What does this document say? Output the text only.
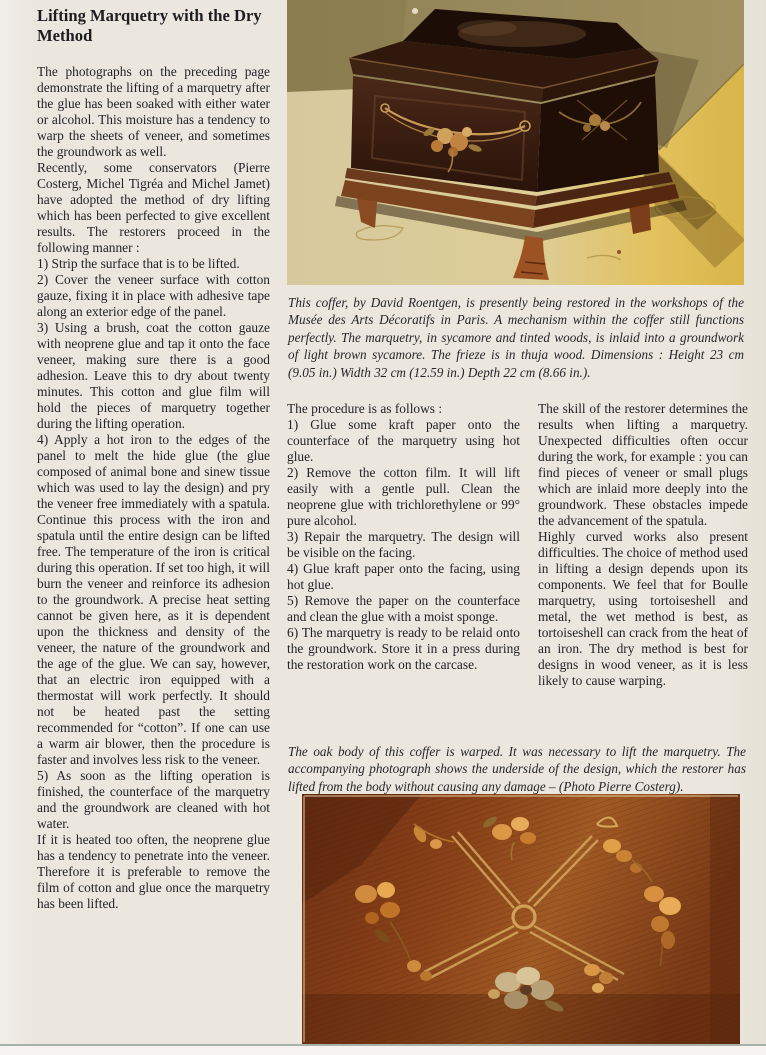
Lifting Marquetry with the Dry Method

The photographs on the preceding page demonstrate the lifting of a marquetry after the glue has been soaked with either water or alcohol. This moisture has a tendency to warp the sheets of veneer, and sometimes the groundwork as well.

Recently, some conservators (Pierre Costerg, Michel Tigréa and Michel Jamet) have adopted the method of dry lifting which has been perfected to give excellent results. The restorers proceed in the following manner :

1) Strip the surface that is to be lifted.

2) Cover the veneer surface with cotton gauze, fixing it in place with adhesive tape along an exterior edge of the panel.

3) Using a brush, coat the cotton gauze with neoprene glue and tap it onto the face veneer, making sure there is a good adhesion. Leave this to dry about twenty minutes. This cotton and glue film will hold the pieces of marquetry together during the lifting operation.

4) Apply a hot iron to the edges of the panel to melt the hide glue (the glue composed of animal bone and sinew tissue which was used to lay the design) and pry the veneer free immediately with a spatula. Continue this process with the iron and spatula until the entire design can be lifted free. The temperature of the iron is critical during this operation. If set too high, it will burn the veneer and reinforce its adhesion to the groundwork. A precise heat setting cannot be given here, as it is dependent upon the thickness and density of the veneer, the nature of the groundwork and the age of the glue. We can say, however, that an electric iron equipped with a thermostat will work perfectly. It should not be heated past the setting recommended for “cotton”. If one can use a warm air blower, then the procedure is faster and involves less risk to the veneer.

5) As soon as the lifting operation is finished, the counterface of the marquetry and the groundwork are cleaned with hot water.

If it is heated too often, the neoprene glue has a tendency to penetrate into the veneer. Therefore it is preferable to remove the film of cotton and glue once the marquetry has been lifted.

This coffer, by David Roentgen, is presently being restored in the workshops of the Musée des Arts Décoratifs in Paris. A mechanism within the coffer still functions perfectly. The marquetry, in sycamore and tinted woods, is inlaid into a groundwork of light brown sycamore. The frieze is in thuja wood. Dimensions : Height 23 cm (9.05 in.) Width 32 cm (12.59 in.) Depth 22 cm (8.66 in.).

The procedure is as follows :

1) Glue some kraft paper onto the counterface of the marquetry using hot glue.

2) Remove the cotton film. It will lift easily with a gentle pull. Clean the neoprene glue with trichlorethylene or 99° pure alcohol.

3) Repair the marquetry. The design will be visible on the facing.

4) Glue kraft paper onto the facing, using hot glue.

5) Remove the paper on the counterface and clean the glue with a moist sponge.

6) The marquetry is ready to be relaid onto the groundwork. Store it in a press during the restoration work on the carcase.

The skill of the restorer determines the results when lifting a marquetry. Unexpected difficulties often occur during the work, for example : you can find pieces of veneer or small plugs which are inlaid more deeply into the groundwork. These obstacles impede the advancement of the spatula.

Highly curved works also present difficulties. The choice of method used in lifting a design depends upon its components. We feel that for Boulle marquetry, using tortoiseshell and metal, the wet method is best, as tortoiseshell can crack from the heat of an iron. The dry method is best for designs in wood veneer, as it is less likely to cause warping.

The oak body of this coffer is warped. It was necessary to lift the marquetry. The accompanying photograph shows the underside of the design, which the restorer has lifted from the body without causing any damage – (Photo Pierre Costerg).
